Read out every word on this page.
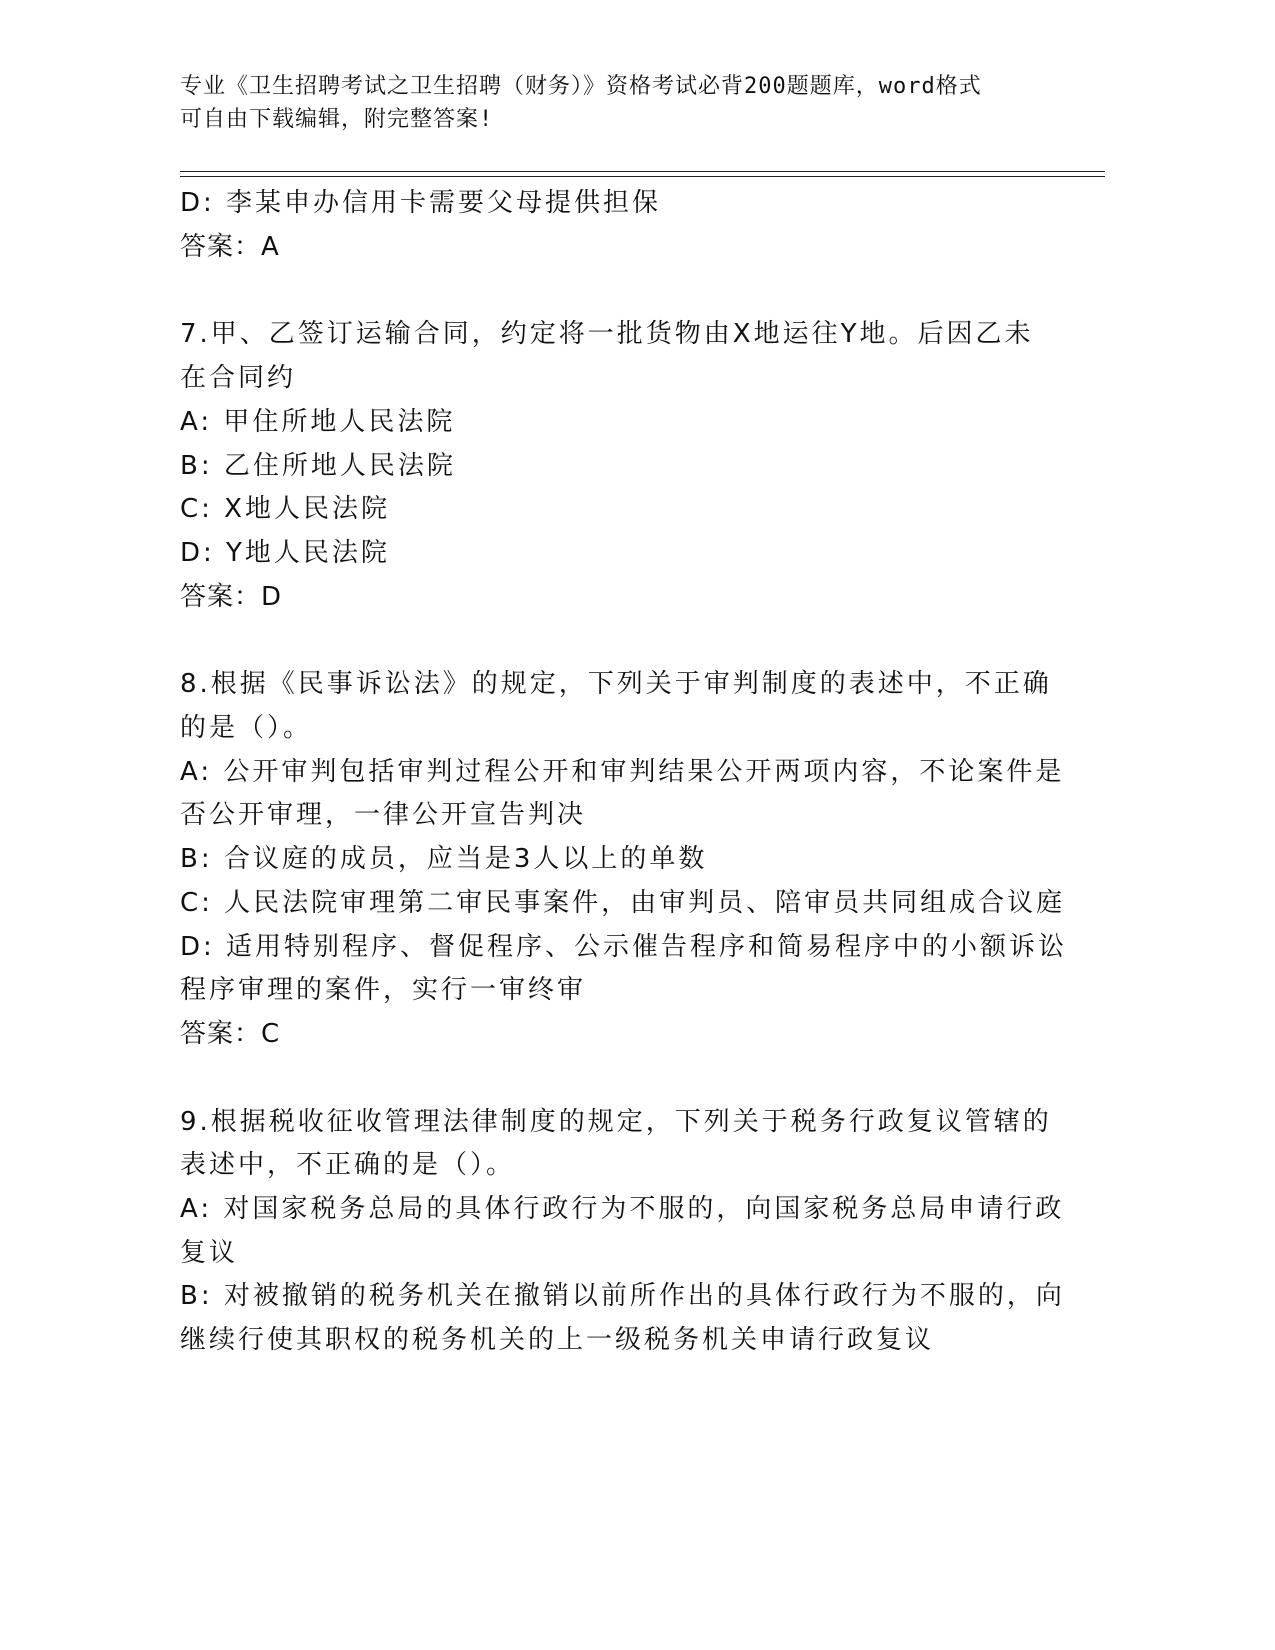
专业《卫生招聘考试之卫生招聘（财务）》资格考试必背200题题库，word格式
可自由下载编辑，附完整答案!
D: 李某申办信用卡需要父母提供担保
答案：A
7.甲、乙签订运输合同，约定将一批货物由X地运往Y地。后因乙未
在合同约
A: 甲住所地人民法院
B: 乙住所地人民法院
C: X地人民法院
D: Y地人民法院
答案：D
8.根据《民事诉讼法》的规定，下列关于审判制度的表述中，不正确
的是（）。
A: 公开审判包括审判过程公开和审判结果公开两项内容，不论案件是
否公开审理，一律公开宣告判决
B: 合议庭的成员，应当是3人以上的单数
C: 人民法院审理第二审民事案件，由审判员、陪审员共同组成合议庭
D: 适用特别程序、督促程序、公示催告程序和简易程序中的小额诉讼
程序审理的案件，实行一审终审
答案：C
9.根据税收征收管理法律制度的规定，下列关于税务行政复议管辖的
表述中，不正确的是（）。
A: 对国家税务总局的具体行政行为不服的，向国家税务总局申请行政
复议
B: 对被撤销的税务机关在撤销以前所作出的具体行政行为不服的，向
继续行使其职权的税务机关的上一级税务机关申请行政复议
